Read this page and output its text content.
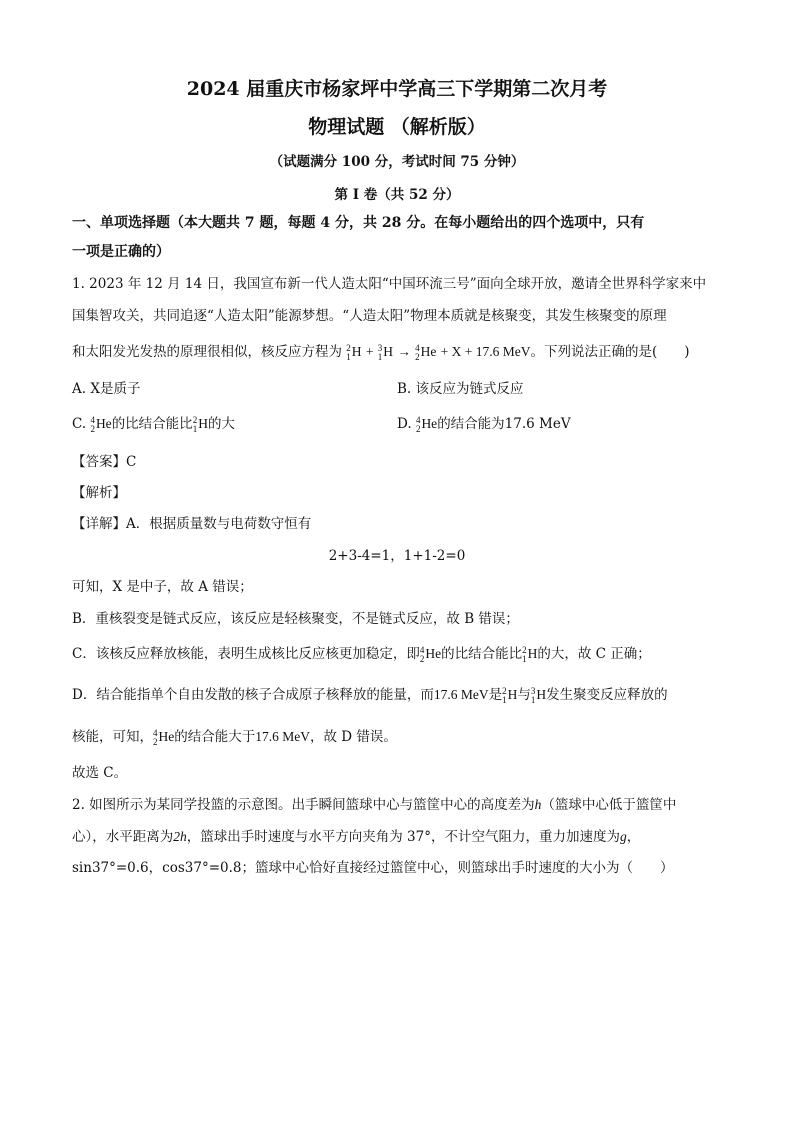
2024 届重庆市杨家坪中学高三下学期第二次月考
物理试题 （解析版）
（试题满分 100 分，考试时间 75 分钟）
第 I 卷（共 52 分）
一、单项选择题（本大题共 7 题，每题 4 分，共 28 分。在每小题给出的四个选项中，只有
一项是正确的）
1. 2023 年 12 月 14 日，我国宣布新一代人造太阳“中国环流三号”面向全球开放，邀请全世界科学家来中
国集智攻关，共同追逐“人造太阳”能源梦想。“人造太阳”物理本质就是核聚变，其发生核聚变的原理
和太阳发光发热的原理很相似，核反应方程为 2
1 H + 3
1 H → 4
2 He + X + 17.6 MeV。下列说法正确的是(　　)
A. X是质子	B. 该反应为链式反应
C. 4
2 He的比结合能比 2
1 H的大	D. 4
2 He的结合能为17.6 MeV
【答案】C
【解析】
【详解】A．根据质量数与电荷数守恒有
2+3-4=1，1+1-2=0
可知，X 是中子，故 A 错误；
B．重核裂变是链式反应，该反应是轻核聚变，不是链式反应，故 B 错误；
C．该核反应释放核能，表明生成核比反应核更加稳定，即 4
2 He的比结合能比 2
1 H的大，故 C 正确；
D．结合能指单个自由发散的核子合成原子核释放的能量，而17.6 MeV是 2
1 H与 3
1 H发生聚变反应释放的
核能，可知， 4
2 He的结合能大于17.6 MeV，故 D 错误。
故选 C。
2. 如图所示为某同学投篮的示意图。出手瞬间篮球中心与篮筐中心的高度差为h（篮球中心低于篮筐中
心），水平距离为2h，篮球出手时速度与水平方向夹角为 37°，不计空气阻力，重力加速度为g，
sin37°=0.6，cos37°=0.8；篮球中心恰好直接经过篮筐中心，则篮球出手时速度的大小为（　　）
